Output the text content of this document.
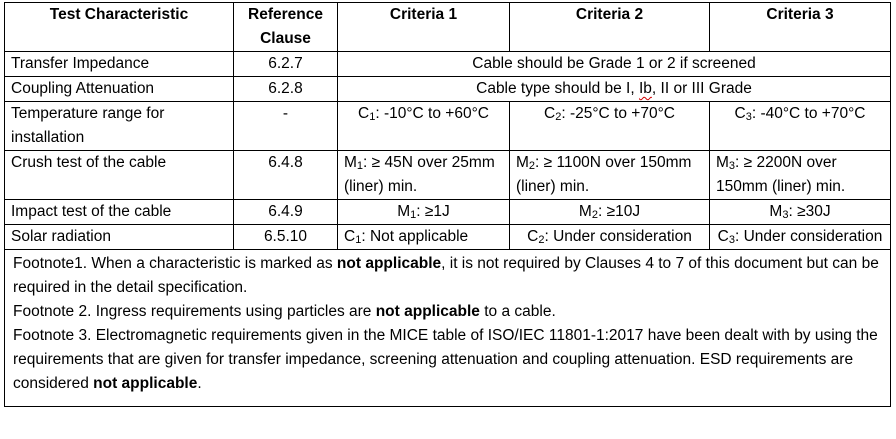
Test Characteristic	Reference Clause	Criteria 1	Criteria 2	Criteria 3
Transfer Impedance	6.2.7	Cable should be Grade 1 or 2 if screened		
Coupling Attenuation	6.2.8	Cable type should be I, Ib, II or III Grade		
Temperature range for installation	-	C1: -10°C to +60°C	C2: -25°C to +70°C	C3: -40°C to +70°C
Crush test of the cable	6.4.8	M1: ≥ 45N over 25mm (liner) min.	M2: ≥ 1100N over 150mm (liner) min.	M3: ≥ 2200N over 150mm (liner) min.
Impact test of the cable	6.4.9	M1: ≥1J	M2: ≥10J	M3: ≥30J
Solar radiation	6.5.10	C1: Not applicable	C2: Under consideration	C3: Under consideration

Footnote1. When a characteristic is marked as not applicable, it is not required by Clauses 4 to 7 of this document but can be required in the detail specification.
Footnote 2. Ingress requirements using particles are not applicable to a cable.
Footnote 3. Electromagnetic requirements given in the MICE table of ISO/IEC 11801-1:2017 have been dealt with by using the requirements that are given for transfer impedance, screening attenuation and coupling attenuation. ESD requirements are considered not applicable.				
